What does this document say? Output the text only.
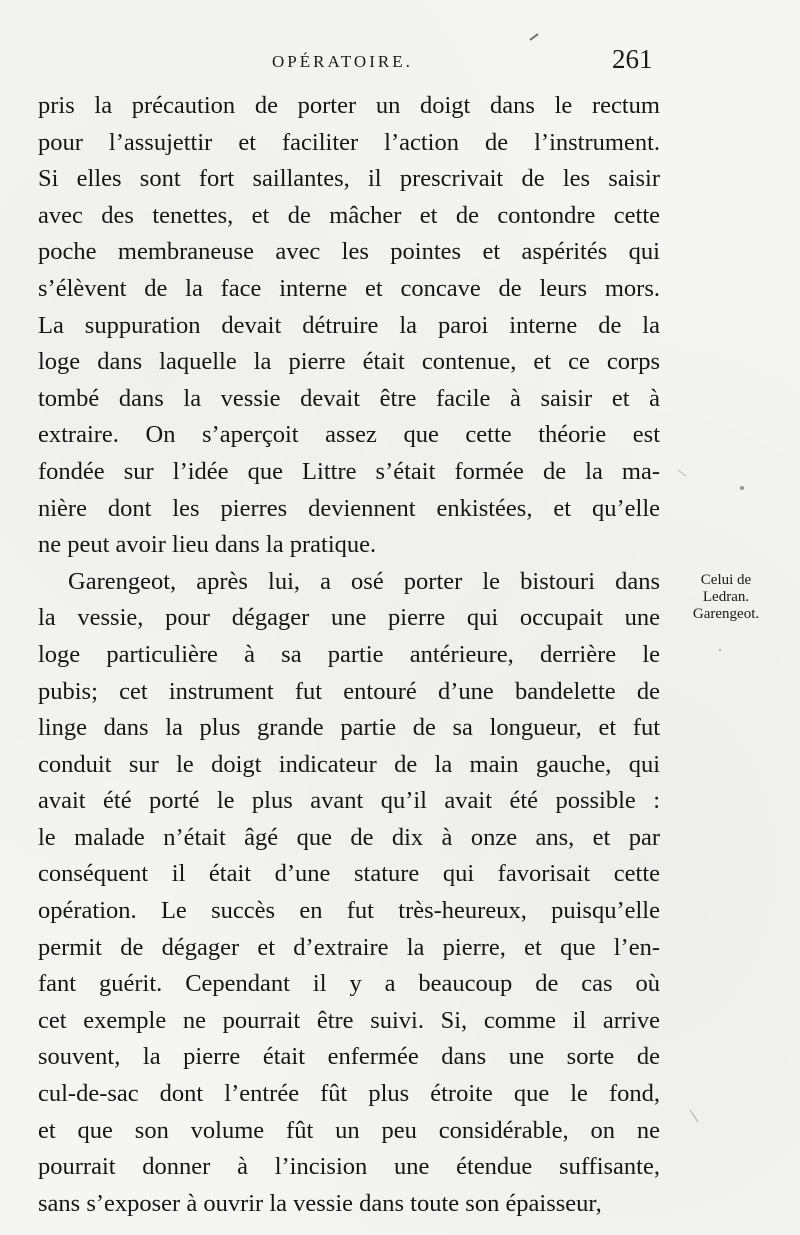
OPÉRATOIRE.	261
pris la précaution de porter un doigt dans le rectum
pour l’assujettir et faciliter l’action de l’instrument.
Si elles sont fort saillantes, il prescrivait de les saisir
avec des tenettes, et de mâcher et de contondre cette
poche membraneuse avec les pointes et aspérités qui
s’élèvent de la face interne et concave de leurs mors.
La suppuration devait détruire la paroi interne de la
loge dans laquelle la pierre était contenue, et ce corps
tombé dans la vessie devait être facile à saisir et à
extraire. On s’aperçoit assez que cette théorie est
fondée sur l’idée que Littre s’était formée de la ma-
nière dont les pierres deviennent enkistées, et qu’elle
ne peut avoir lieu dans la pratique.
Garengeot, après lui, a osé porter le bistouri dans
la vessie, pour dégager une pierre qui occupait une
loge particulière à sa partie antérieure, derrière le
pubis; cet instrument fut entouré d’une bandelette de
linge dans la plus grande partie de sa longueur, et fut
conduit sur le doigt indicateur de la main gauche, qui
avait été porté le plus avant qu’il avait été possible :
le malade n’était âgé que de dix à onze ans, et par
conséquent il était d’une stature qui favorisait cette
opération. Le succès en fut très-heureux, puisqu’elle
permit de dégager et d’extraire la pierre, et que l’en-
fant guérit. Cependant il y a beaucoup de cas où
cet exemple ne pourrait être suivi. Si, comme il arrive
souvent, la pierre était enfermée dans une sorte de
cul-de-sac dont l’entrée fût plus étroite que le fond,
et que son volume fût un peu considérable, on ne
pourrait donner à l’incision une étendue suffisante,
sans s’exposer à ouvrir la vessie dans toute son épaisseur,
Celui de
Ledran.
Garengeot.
